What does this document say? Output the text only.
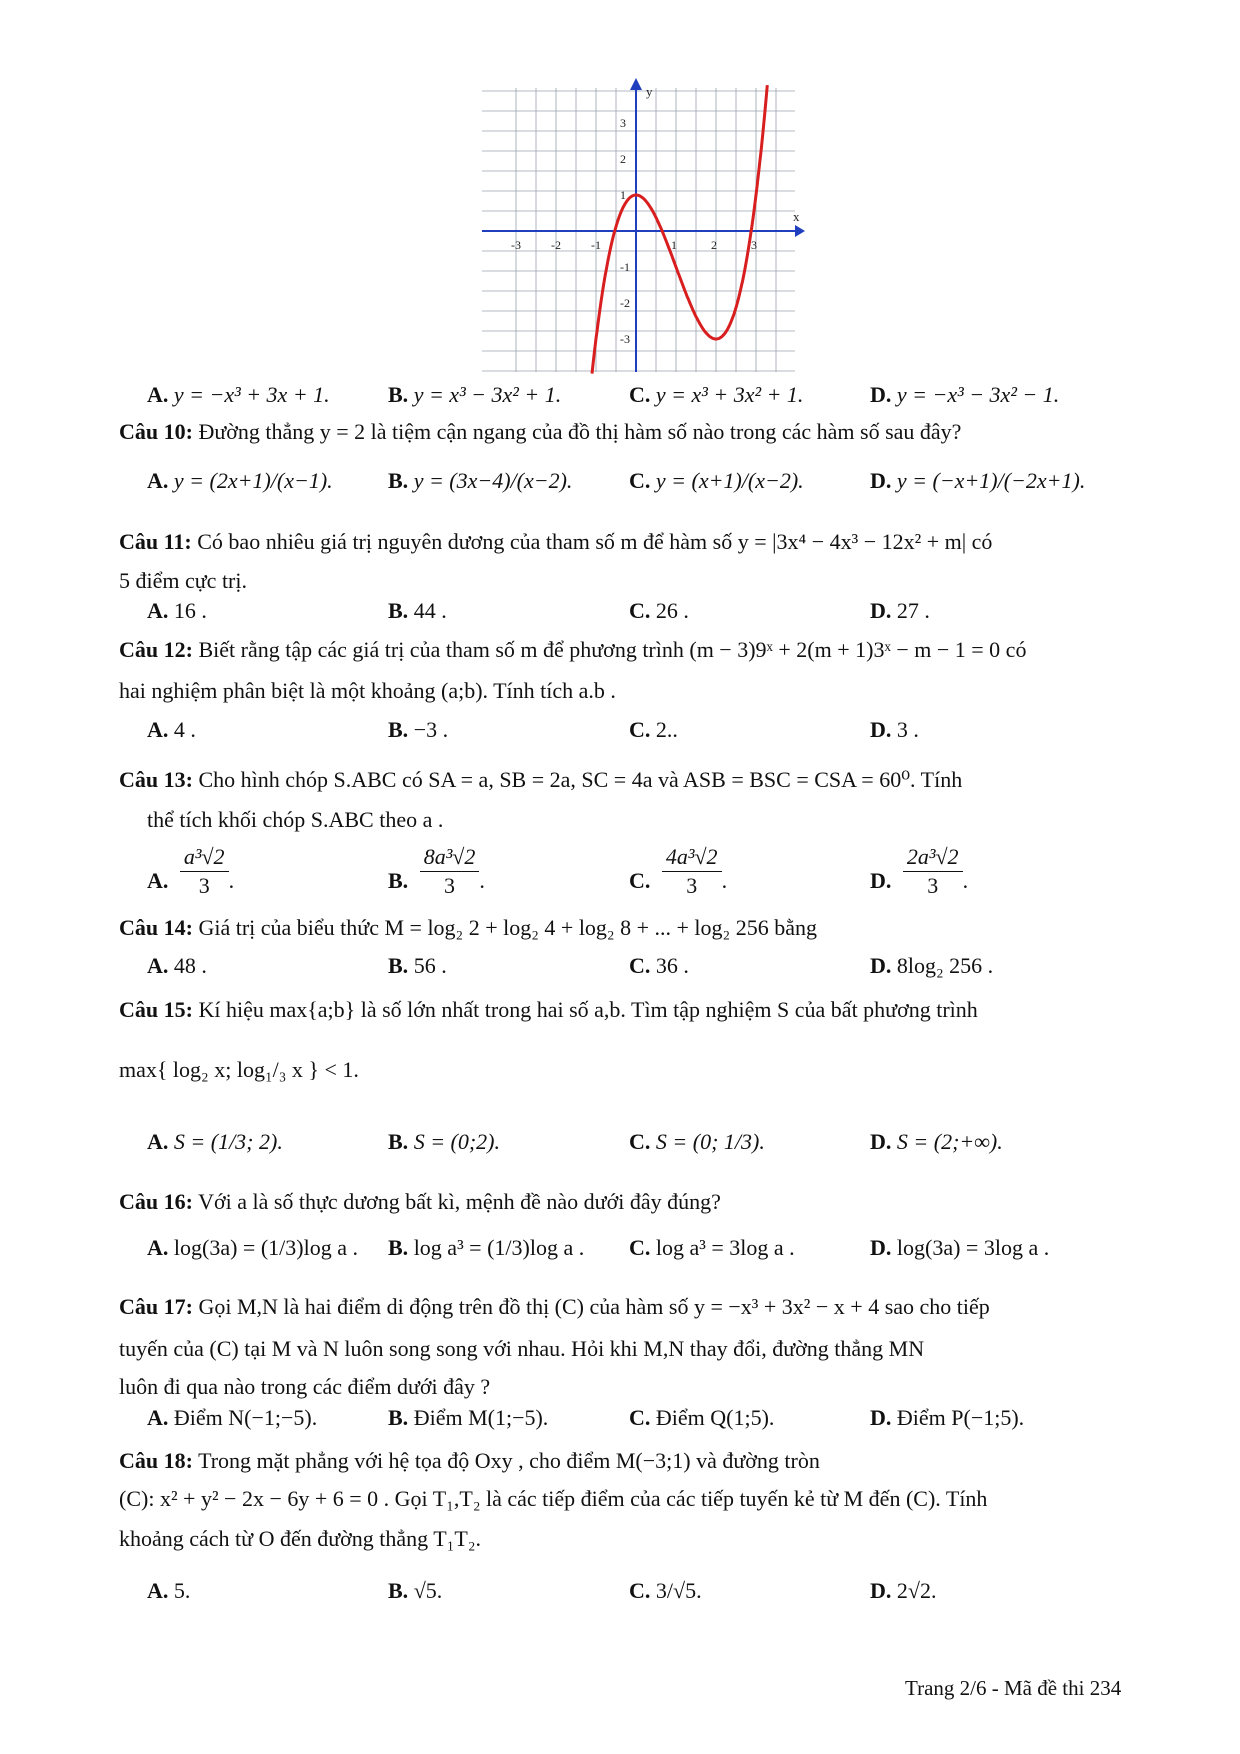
-3	-2	-1	1	2	3
3
2
1
-1
-2
-3
x
y
A. y = −x³ + 3x + 1.	B. y = x³ − 3x² + 1.	C. y = x³ + 3x² + 1.	D. y = −x³ − 3x² − 1.
Câu 10: Đường thẳng y = 2 là tiệm cận ngang của đồ thị hàm số nào trong các hàm số sau đây?
A. y = (2x+1)/(x−1).	B. y = (3x−4)/(x−2).	C. y = (x+1)/(x−2).	D. y = (−x+1)/(−2x+1).
Câu 11: Có bao nhiêu giá trị nguyên dương của tham số m để hàm số y = |3x⁴ − 4x³ − 12x² + m| có
5 điểm cực trị.
A. 16 .	B. 44 .	C. 26 .	D. 27 .
Câu 12: Biết rằng tập các giá trị của tham số m để phương trình (m − 3)9ˣ + 2(m + 1)3ˣ − m − 1 = 0 có
hai nghiệm phân biệt là một khoảng (a;b). Tính tích a.b .
A. 4 .	B. −3 .	C. 2..	D. 3 .
Câu 13: Cho hình chóp S.ABC có SA = a, SB = 2a, SC = 4a và ASB = BSC = CSA = 60⁰. Tính
thể tích khối chóp S.ABC theo a .
A. $\frac{\text{a³√2}}{3}$ .	B. $\frac{\text{8a³√2}}{3}$ .	C. $\frac{\text{4a³√2}}{3}$ .	D. $\frac{\text{2a³√2}}{3}$ .
Câu 14: Giá trị của biểu thức M = log₂ 2 + log₂ 4 + log₂ 8 + ... + log₂ 256 bằng
A. 48 .	B. 56 .	C. 36 .	D. 8log₂ 256 .
Câu 15: Kí hiệu max{a;b} là số lớn nhất trong hai số a,b. Tìm tập nghiệm S của bất phương trình
max{ log₂ x; log₁/₃ x } < 1.
A. S = (1/3; 2).	B. S = (0;2).	C. S = (0; 1/3).	D. S = (2;+∞).
Câu 16: Với a là số thực dương bất kì, mệnh đề nào dưới đây đúng?
A. log(3a) = (1/3)log a . B. log a³ = (1/3)log a . C. log a³ = 3log a .	D. log(3a) = 3log a .
Câu 17: Gọi M,N là hai điểm di động trên đồ thị (C) của hàm số y = −x³ + 3x² − x + 4 sao cho tiếp
tuyến của (C) tại M và N luôn song song với nhau. Hỏi khi M,N thay đổi, đường thẳng MN
luôn đi qua nào trong các điểm dưới đây ?
A. Điểm N(−1;−5).	B. Điểm M(1;−5).	C. Điểm Q(1;5).	D. Điểm P(−1;5).
Câu 18: Trong mặt phẳng với hệ tọa độ Oxy , cho điểm M(−3;1) và đường tròn
(C): x² + y² − 2x − 6y + 6 = 0 . Gọi T₁,T₂ là các tiếp điểm của các tiếp tuyến kẻ từ M đến (C). Tính
khoảng cách từ O đến đường thẳng T₁T₂.
A. 5.	B. √5.	C. 3/√5.	D. 2√2.
Trang 2/6 - Mã đề thi 234
